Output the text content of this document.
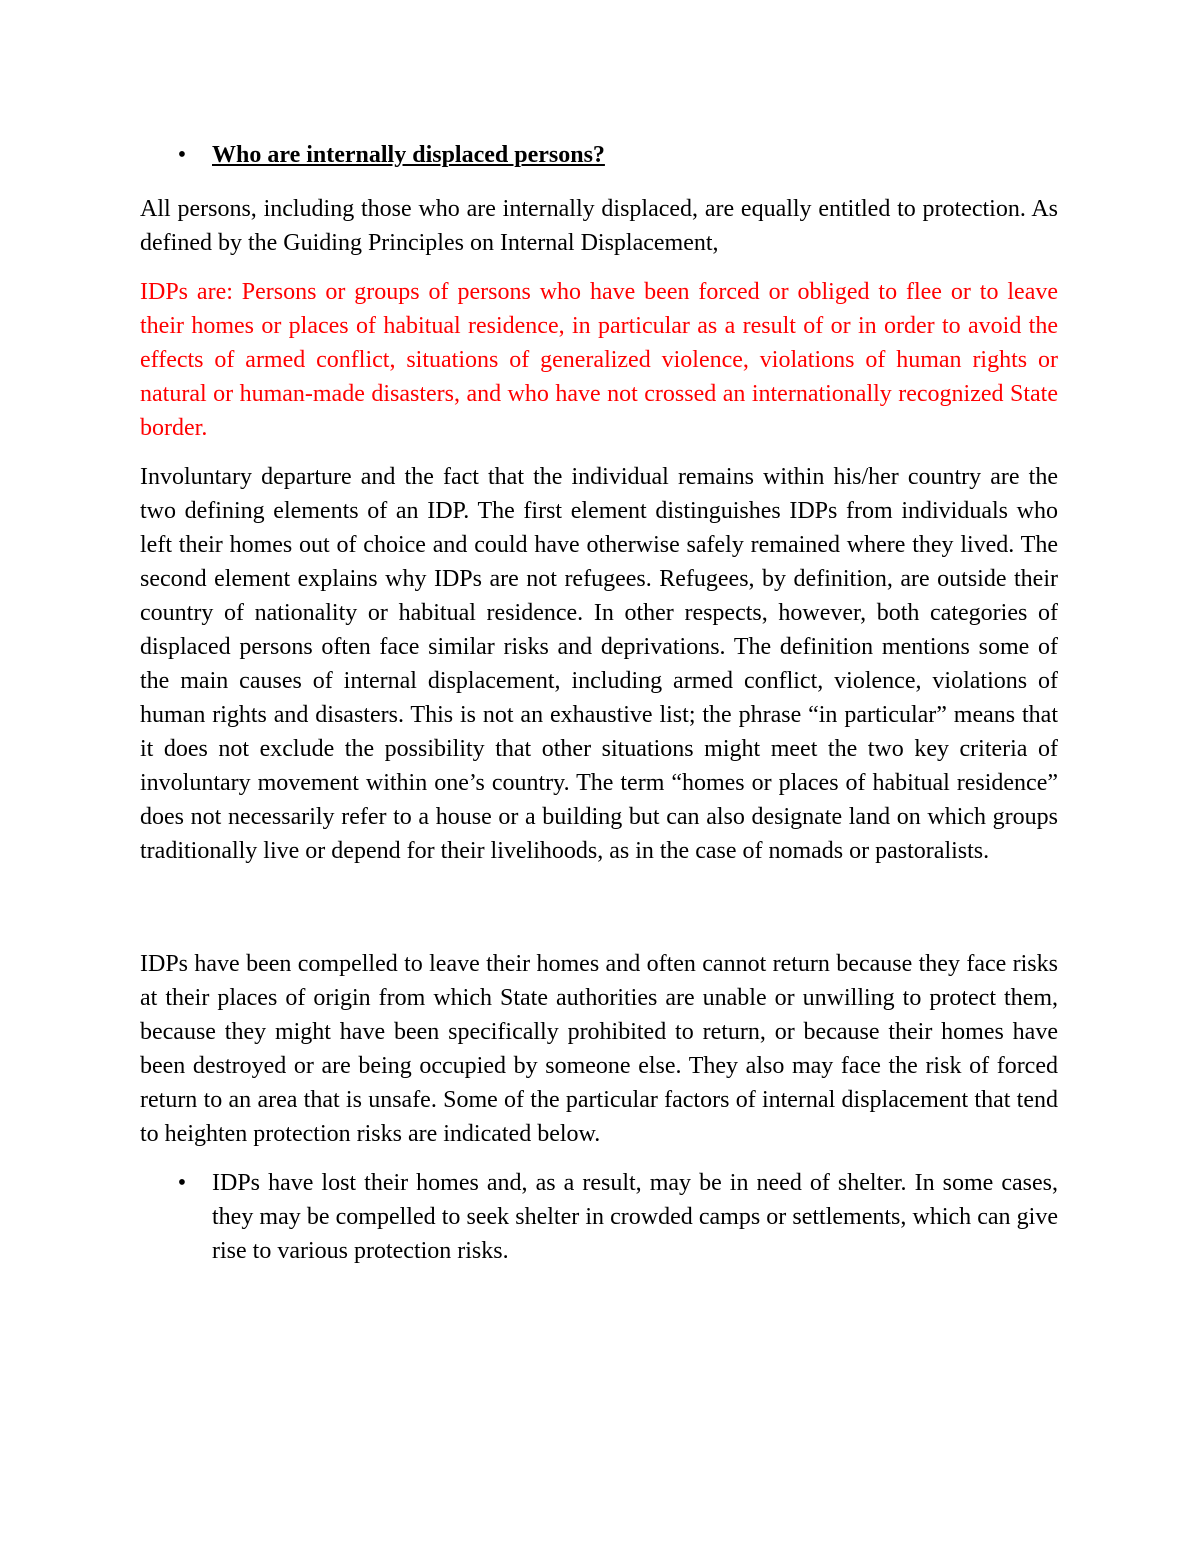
• Who are internally displaced persons?

All persons, including those who are internally displaced, are equally entitled to protection. As defined by the Guiding Principles on Internal Displacement,

IDPs are: Persons or groups of persons who have been forced or obliged to flee or to leave their homes or places of habitual residence, in particular as a result of or in order to avoid the effects of armed conflict, situations of generalized violence, violations of human rights or natural or human-made disasters, and who have not crossed an internationally recognized State border.

Involuntary departure and the fact that the individual remains within his/her country are the two defining elements of an IDP. The first element distinguishes IDPs from individuals who left their homes out of choice and could have otherwise safely remained where they lived. The second element explains why IDPs are not refugees. Refugees, by definition, are outside their country of nationality or habitual residence. In other respects, however, both categories of displaced persons often face similar risks and deprivations. The definition mentions some of the main causes of internal displacement, including armed conflict, violence, violations of human rights and disasters. This is not an exhaustive list; the phrase “in particular” means that it does not exclude the possibility that other situations might meet the two key criteria of involuntary movement within one’s country. The term “homes or places of habitual residence” does not necessarily refer to a house or a building but can also designate land on which groups traditionally live or depend for their livelihoods, as in the case of nomads or pastoralists.

IDPs have been compelled to leave their homes and often cannot return because they face risks at their places of origin from which State authorities are unable or unwilling to protect them, because they might have been specifically prohibited to return, or because their homes have been destroyed or are being occupied by someone else. They also may face the risk of forced return to an area that is unsafe. Some of the particular factors of internal displacement that tend to heighten protection risks are indicated below.

• IDPs have lost their homes and, as a result, may be in need of shelter. In some cases, they may be compelled to seek shelter in crowded camps or settlements, which can give rise to various protection risks.
